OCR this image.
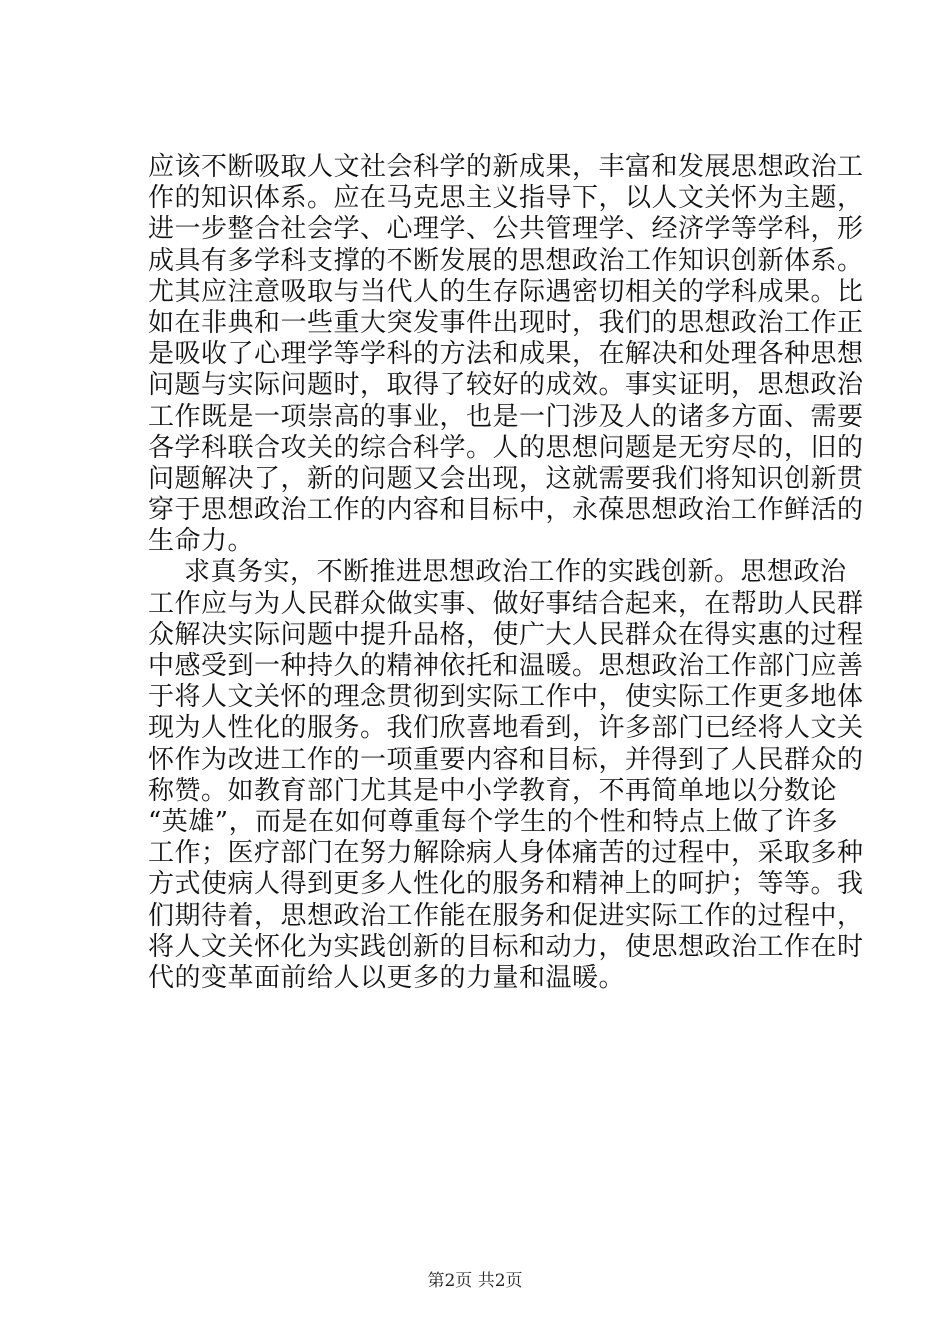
应该不断吸取人文社会科学的新成果，丰富和发展思想政治工
作的知识体系。应在马克思主义指导下，以人文关怀为主题，
进一步整合社会学、心理学、公共管理学、经济学等学科，形
成具有多学科支撑的不断发展的思想政治工作知识创新体系。
尤其应注意吸取与当代人的生存际遇密切相关的学科成果。比
如在非典和一些重大突发事件出现时，我们的思想政治工作正
是吸收了心理学等学科的方法和成果，在解决和处理各种思想
问题与实际问题时，取得了较好的成效。事实证明，思想政治
工作既是一项崇高的事业，也是一门涉及人的诸多方面、需要
各学科联合攻关的综合科学。人的思想问题是无穷尽的，旧的
问题解决了，新的问题又会出现，这就需要我们将知识创新贯
穿于思想政治工作的内容和目标中，永葆思想政治工作鲜活的
生命力。
求真务实，不断推进思想政治工作的实践创新。思想政治
工作应与为人民群众做实事、做好事结合起来，在帮助人民群
众解决实际问题中提升品格，使广大人民群众在得实惠的过程
中感受到一种持久的精神依托和温暖。思想政治工作部门应善
于将人文关怀的理念贯彻到实际工作中，使实际工作更多地体
现为人性化的服务。我们欣喜地看到，许多部门已经将人文关
怀作为改进工作的一项重要内容和目标，并得到了人民群众的
称赞。如教育部门尤其是中小学教育，不再简单地以分数论
“英雄”，而是在如何尊重每个学生的个性和特点上做了许多
工作；医疗部门在努力解除病人身体痛苦的过程中，采取多种
方式使病人得到更多人性化的服务和精神上的呵护；等等。我
们期待着，思想政治工作能在服务和促进实际工作的过程中，
将人文关怀化为实践创新的目标和动力，使思想政治工作在时
代的变革面前给人以更多的力量和温暖。
第2页 共2页
